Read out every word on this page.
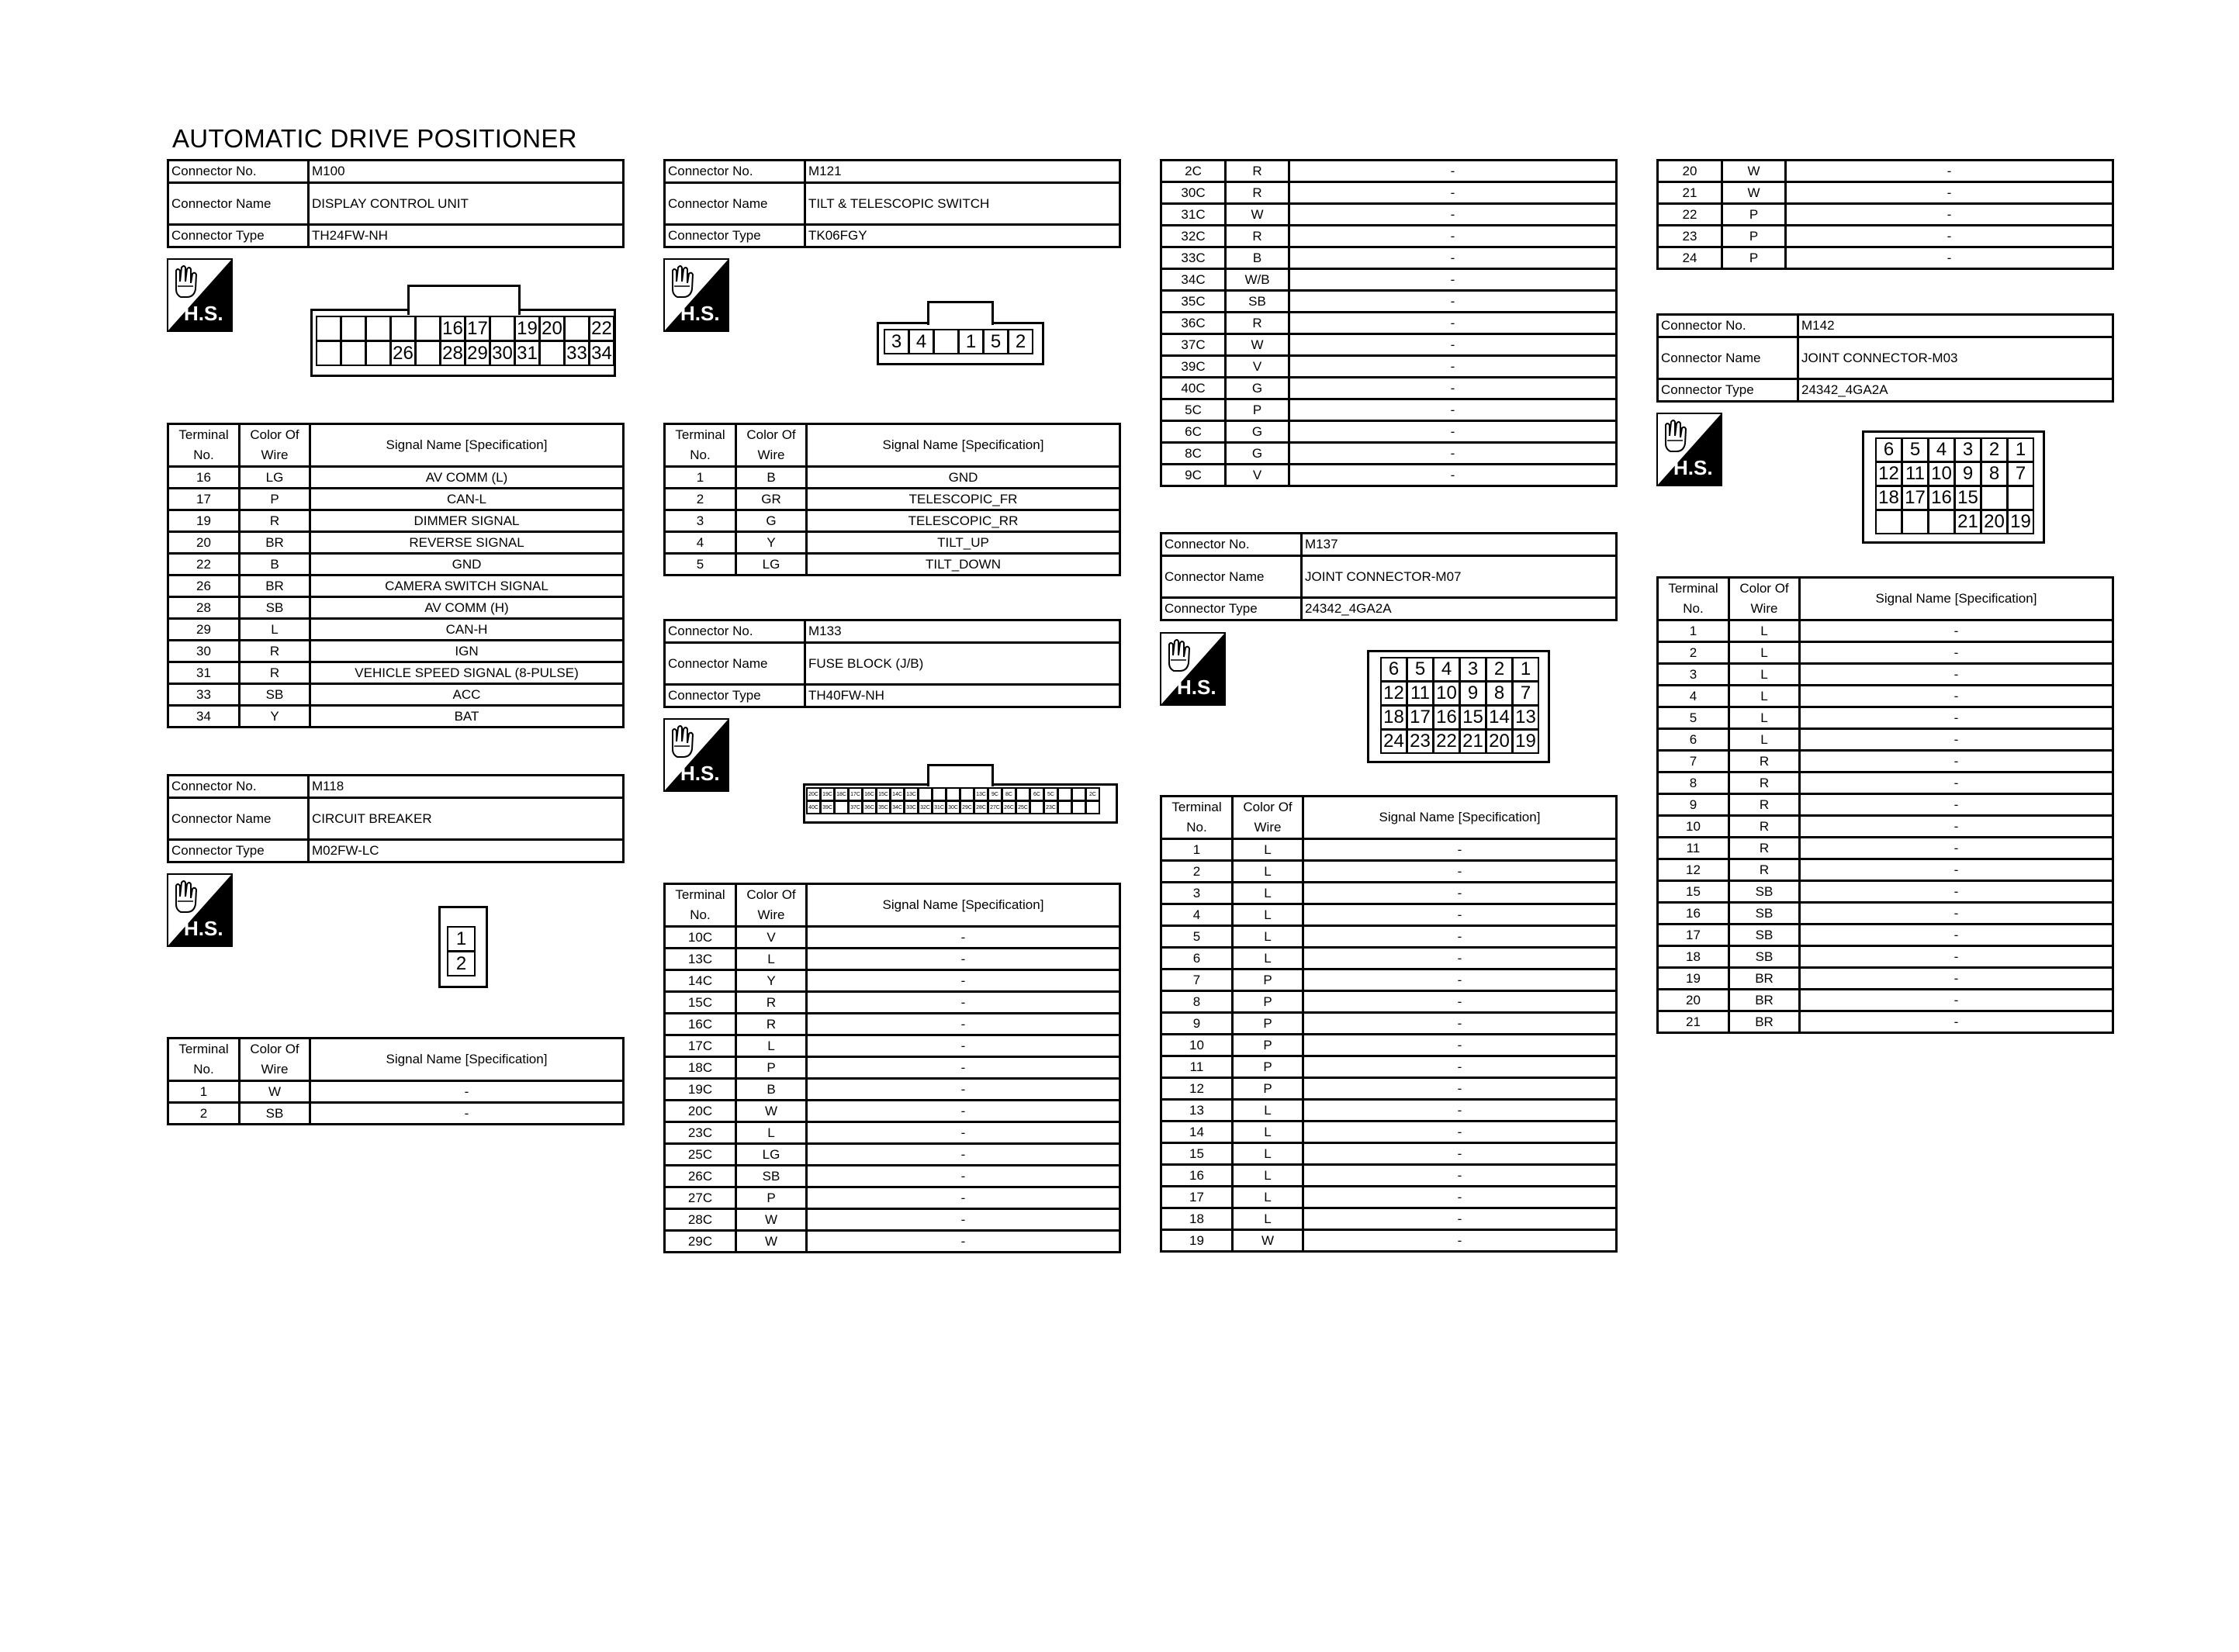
AUTOMATIC DRIVE POSITIONER
Connector No.	M100
Connector Name	DISPLAY CONTROL UNIT
Connector Type	TH24FW-NH
H.S.
16 17 19 20 22
26 28 29 30 31 33 34
Terminal No.	Color Of Wire	Signal Name [Specification]
16	LG	AV COMM (L)
17	P	CAN-L
19	R	DIMMER SIGNAL
20	BR	REVERSE SIGNAL
22	B	GND
26	BR	CAMERA SWITCH SIGNAL
28	SB	AV COMM (H)
29	L	CAN-H
30	R	IGN
31	R	VEHICLE SPEED SIGNAL (8-PULSE)
33	SB	ACC
34	Y	BAT
Connector No.	M118
Connector Name	CIRCUIT BREAKER
Connector Type	M02FW-LC
H.S.	1
2
Terminal No.	Color Of Wire	Signal Name [Specification]
1	W	-
2	SB	-
Connector No.	M121
Connector Name	TILT & TELESCOPIC SWITCH
Connector Type	TK06FGY
H.S.
3 4	1 5 2
Terminal No.	Color Of Wire	Signal Name [Specification]
1	B	GND
2	GR	TELESCOPIC_FR
3	G	TELESCOPIC_RR
4	Y	TILT_UP
5	LG	TILT_DOWN
Connector No.	M133
Connector Name	FUSE BLOCK (J/B)
Connector Type	TH40FW-NH
H.S.
20C 19C 18C 17C 16C 15C 14C 13C	13C	9C	8C	6C	5C	2C
40C 39C	37C 36C 35C 34C 33C 32C 31C 30C 29C 28C 27C 26C 25C	23C
Terminal No.	Color Of Wire	Signal Name [Specification]
10C	V	-
13C	L	-
14C	Y	-
15C	R	-
16C	R	-
17C	L	-
18C	P	-
19C	B	-
20C	W	-
23C	L	-
25C	LG	-
26C	SB	-
27C	P	-
28C	W	-
29C	W	-
2C	R	-
30C	R	-
31C	W	-
32C	R	-
33C	B	-
34C	W/B	-
35C	SB	-
36C	R	-
37C	W	-
39C	V	-
40C	G	-
5C	P	-
6C	G	-
8C	G	-
9C	V	-
Connector No.	M137
Connector Name	JOINT CONNECTOR-M07
Connector Type	24342_4GA2A
H.S.
6 5 4 3 2 1
12 11 10 9 8 7
18 17 16 15 14 13
24 23 22 21 20 19
Terminal No.	Color Of Wire	Signal Name [Specification]
1	L	-
2	L	-
3	L	-
4	L	-
5	L	-
6	L	-
7	P	-
8	P	-
9	P	-
10	P	-
11	P	-
12	P	-
13	L	-
14	L	-
15	L	-
16	L	-
17	L	-
18	L	-
19	W	-
20	W	-
21	W	-
22	P	-
23	P	-
24	P	-
Connector No.	M142
Connector Name	JOINT CONNECTOR-M03
Connector Type	24342_4GA2A
H.S.
6 5 4 3 2 1
12 11 10 9 8 7
18 17 16 15
21 20 19
Terminal No.	Color Of Wire	Signal Name [Specification]
1	L	-
2	L	-
3	L	-
4	L	-
5	L	-
6	L	-
7	R	-
8	R	-
9	R	-
10	R	-
11	R	-
12	R	-
15	SB	-
16	SB	-
17	SB	-
18	SB	-
19	BR	-
20	BR	-
21	BR	-
